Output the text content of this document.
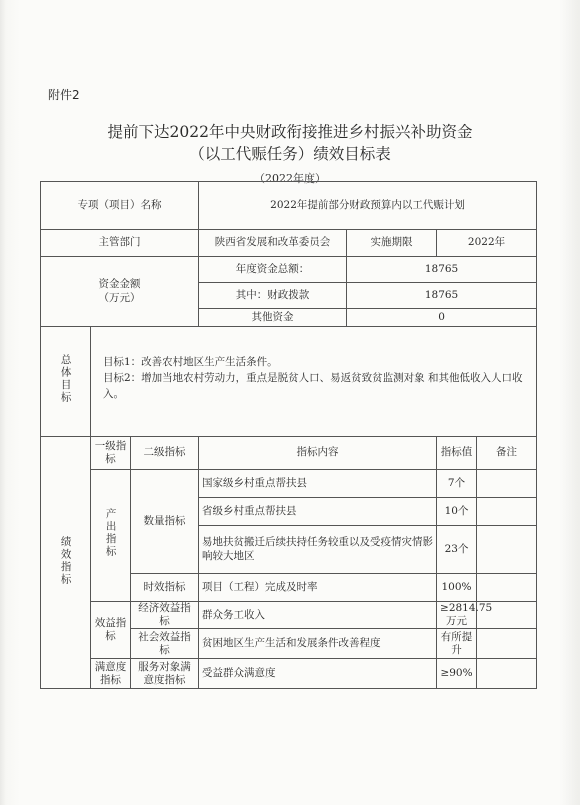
附件2
提前下达2022年中央财政衔接推进乡村振兴补助资金
（以工代赈任务）绩效目标表
（2022年度）
专项（项目）名称			2022年提前部分财政预算内以工代赈计划			
主管部门			陕西省发展和改革委员会	实施期限	2022年	

资金金额
（万元）			年度资金总额：	18765		
			其中：财政拨款	18765		
			其他资金	0		
总体目标	目标1：改善农村地区生产生活条件。
目标2：增加当地农村劳动力，重点是脱贫人口、易返贫致贫监测对象 和其他低收入人口收入。					

绩效指标	一级指标	二级指标	指标内容		指标值	备注
	产出指标	数量指标	国家级乡村重点帮扶县		7个	
			省级乡村重点帮扶县		10个	
			易地扶贫搬迁后续扶持任务较重以及受疫情灾情影响较大地区		23个	
		时效指标	项目（工程）完成及时率		100%	
	效益指标	经济效益指标	群众务工收入		≥2814.75万元	
		社会效益指标	贫困地区生产生活和发展条件改善程度		有所提升	
	满意度指标	服务对象满意度指标	受益群众满意度		≥90%	
